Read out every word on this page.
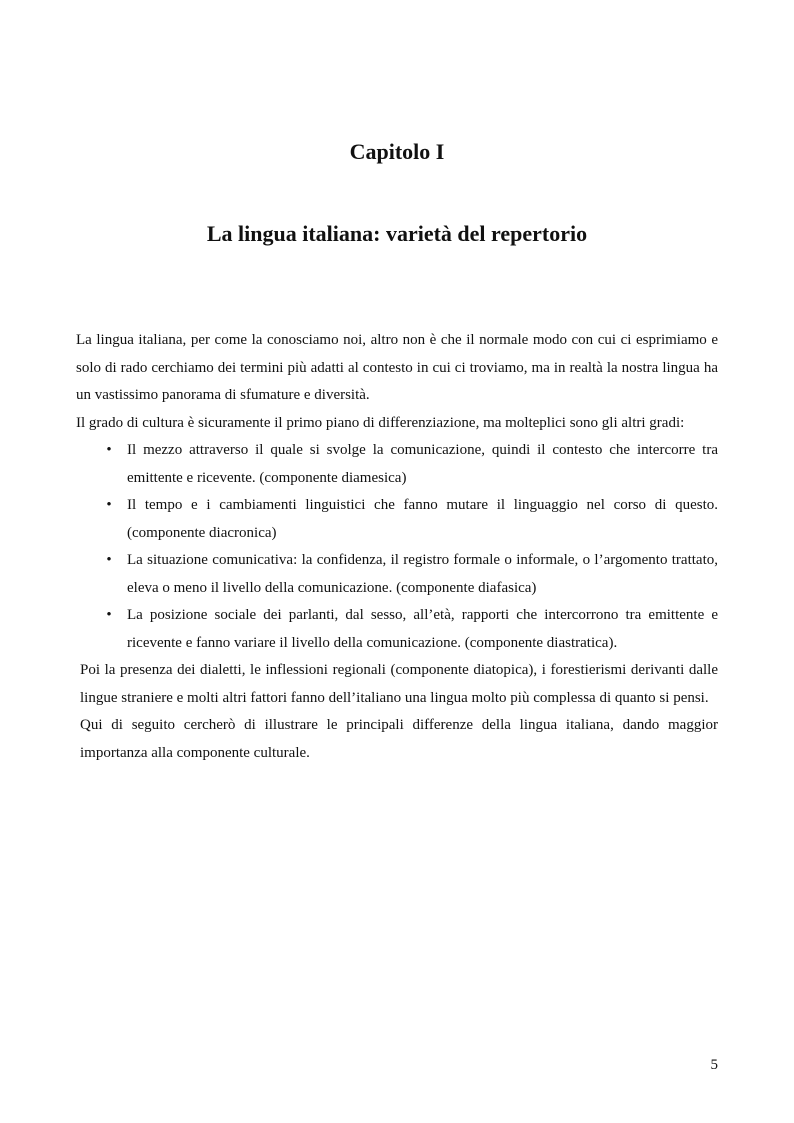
Capitolo I
La lingua italiana: varietà del repertorio

La lingua italiana, per come la conosciamo noi, altro non è che il normale modo con cui ci esprimiamo e solo di rado cerchiamo dei termini più adatti al contesto in cui ci troviamo, ma in realtà la nostra lingua ha un vastissimo panorama di sfumature e diversità.

Il grado di cultura è sicuramente il primo piano di differenziazione, ma molteplici sono gli altri gradi:

• Il mezzo attraverso il quale si svolge la comunicazione, quindi il contesto che intercorre tra emittente e ricevente. (componente diamesica)
• Il tempo e i cambiamenti linguistici che fanno mutare il linguaggio nel corso di questo. (componente diacronica)
• La situazione comunicativa: la confidenza, il registro formale o informale, o l’argomento trattato, eleva o meno il livello della comunicazione. (componente diafasica)
• La posizione sociale dei parlanti, dal sesso, all’età, rapporti che intercorrono tra emittente e ricevente e fanno variare il livello della comunicazione. (componente diastratica).

Poi la presenza dei dialetti, le inflessioni regionali (componente diatopica), i forestierismi derivanti dalle lingue straniere e molti altri fattori fanno dell’italiano una lingua molto più complessa di quanto si pensi.

Qui di seguito cercherò di illustrare le principali differenze della lingua italiana, dando maggior importanza alla componente culturale.

5
